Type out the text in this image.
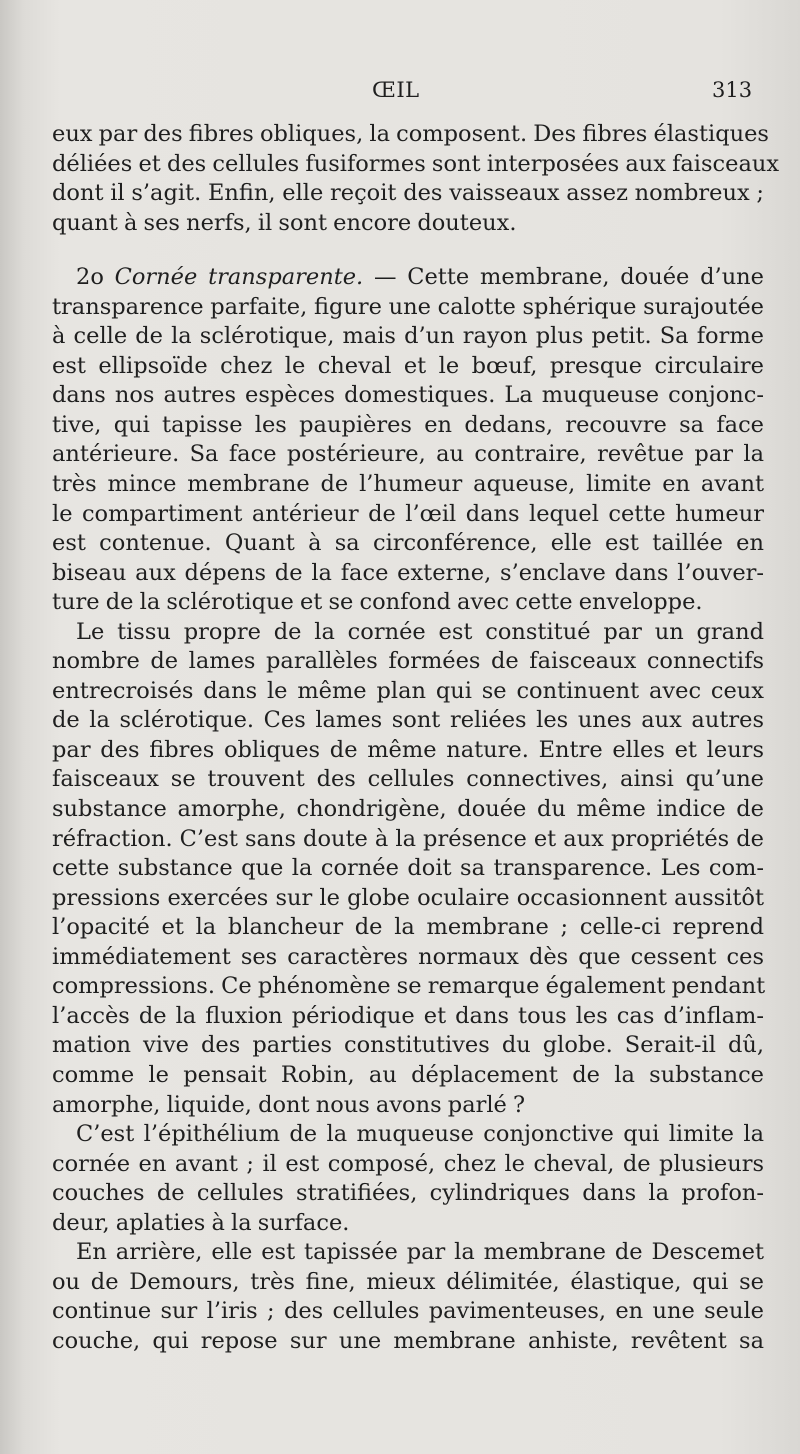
ŒIL	313
eux par des fibres obliques, la composent. Des fibres élastiques
déliées et des cellules fusiformes sont interposées aux faisceaux
dont il s’agit. Enfin, elle reçoit des vaisseaux assez nombreux ;
quant à ses nerfs, il sont encore douteux.
2o Cornée transparente. — Cette membrane, douée d’une
transparence parfaite, figure une calotte sphérique surajoutée
à celle de la sclérotique, mais d’un rayon plus petit. Sa forme
est ellipsoïde chez le cheval et le bœuf, presque circulaire
dans nos autres espèces domestiques. La muqueuse conjonc-
tive, qui tapisse les paupières en dedans, recouvre sa face
antérieure. Sa face postérieure, au contraire, revêtue par la
très mince membrane de l’humeur aqueuse, limite en avant
le compartiment antérieur de l’œil dans lequel cette humeur
est contenue. Quant à sa circonférence, elle est taillée en
biseau aux dépens de la face externe, s’enclave dans l’ouver-
ture de la sclérotique et se confond avec cette enveloppe.
Le tissu propre de la cornée est constitué par un grand
nombre de lames parallèles formées de faisceaux connectifs
entrecroisés dans le même plan qui se continuent avec ceux
de la sclérotique. Ces lames sont reliées les unes aux autres
par des fibres obliques de même nature. Entre elles et leurs
faisceaux se trouvent des cellules connectives, ainsi qu’une
substance amorphe, chondrigène, douée du même indice de
réfraction. C’est sans doute à la présence et aux propriétés de
cette substance que la cornée doit sa transparence. Les com-
pressions exercées sur le globe oculaire occasionnent aussitôt
l’opacité et la blancheur de la membrane ; celle-ci reprend
immédiatement ses caractères normaux dès que cessent ces
compressions. Ce phénomène se remarque également pendant
l’accès de la fluxion périodique et dans tous les cas d’inflam-
mation vive des parties constitutives du globe. Serait-il dû,
comme le pensait Robin, au déplacement de la substance
amorphe, liquide, dont nous avons parlé ?
C’est l’épithélium de la muqueuse conjonctive qui limite la
cornée en avant ; il est composé, chez le cheval, de plusieurs
couches de cellules stratifiées, cylindriques dans la profon-
deur, aplaties à la surface.
En arrière, elle est tapissée par la membrane de Descemet
ou de Demours, très fine, mieux délimitée, élastique, qui se
continue sur l’iris ; des cellules pavimenteuses, en une seule
couche, qui repose sur une membrane anhiste, revêtent sa
